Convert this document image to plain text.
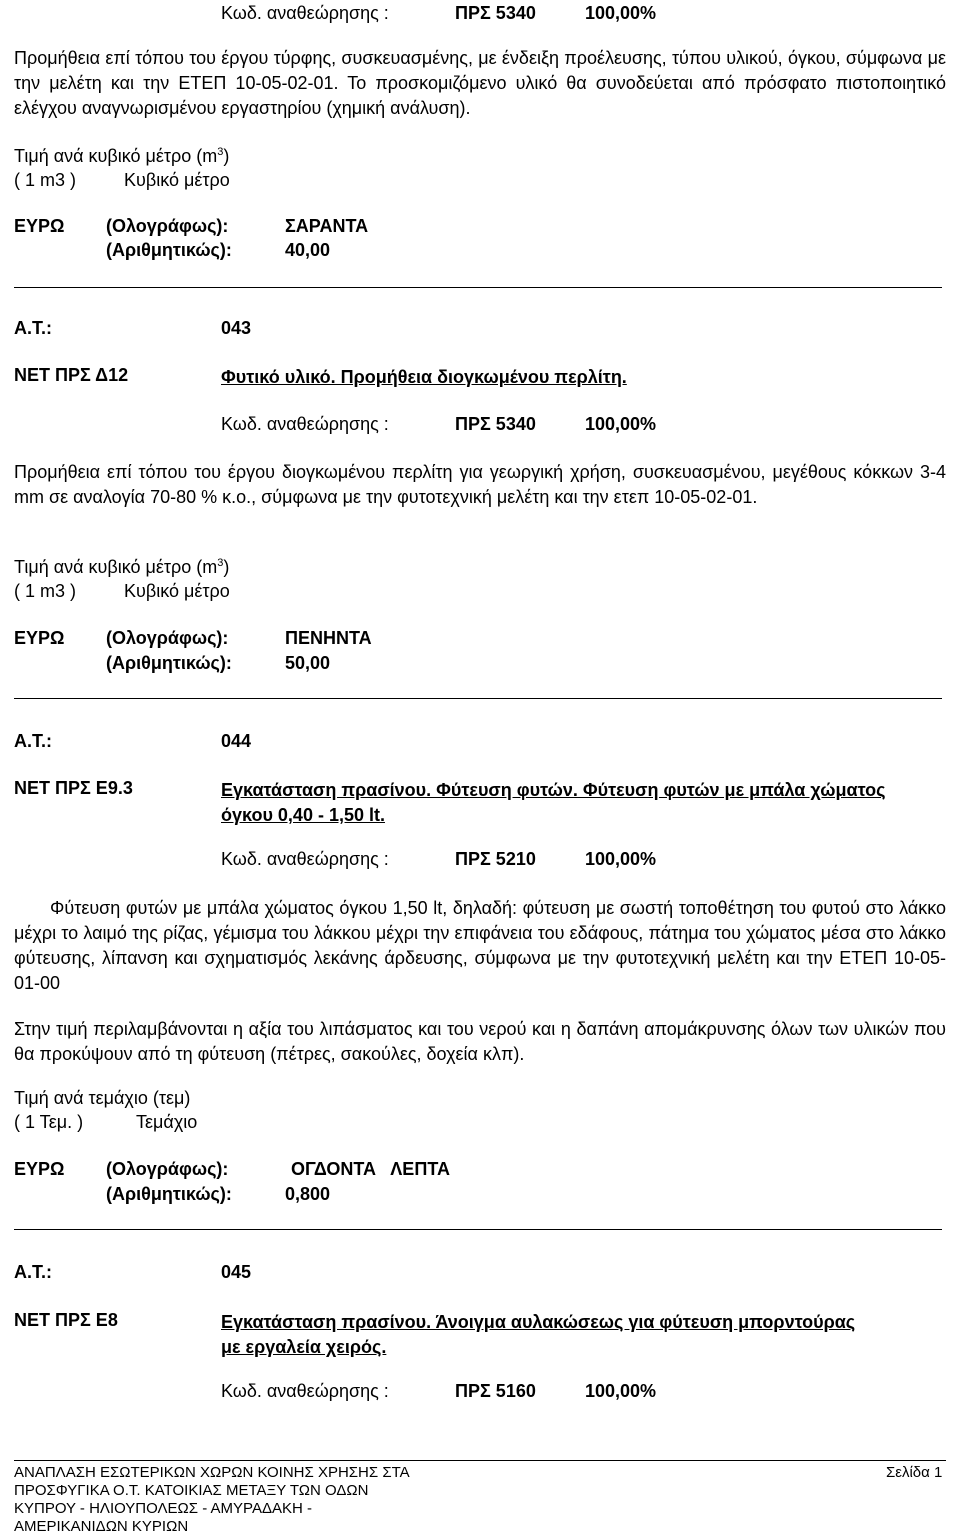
Κωδ. αναθεώρησης :	ΠΡΣ 5340	100,00%
Προμήθεια επί τόπου του έργου τύρφης, συσκευασμένης, με ένδειξη προέλευσης, τύπου υλικού, όγκου, σύμφωνα με την μελέτη και την ΕΤΕΠ 10-05-02-01. Το προσκομιζόμενο υλικό θα συνοδεύεται από πρόσφατο πιστοποιητικό ελέγχου αναγνωρισμένου εργαστηρίου (χημική ανάλυση).
Τιμή ανά κυβικό μέτρο $(m^3)$
( 1 m3 )	Κυβικό μέτρο
ΕΥΡΩ (Ολογράφως):	ΣΑΡΑΝΤΑ
(Αριθμητικώς):	40,00
Α.Τ.:	043
ΝΕΤ ΠΡΣ Δ12	Φυτικό υλικό. Προμήθεια διογκωμένου περλίτη.
Κωδ. αναθεώρησης :	ΠΡΣ 5340	100,00%
Προμήθεια επί τόπου του έργου διογκωμένου περλίτη για γεωργική χρήση, συσκευασμένου, μεγέθους κόκκων 3-4 mm σε αναλογία 70-80 % κ.ο., σύμφωνα με την φυτοτεχνική μελέτη και την ετεπ 10-05-02-01.
Τιμή ανά κυβικό μέτρο $(m^3)$
( 1 m3 )	Κυβικό μέτρο
ΕΥΡΩ (Ολογράφως):	ΠΕΝΗΝΤΑ
(Αριθμητικώς):	50,00
Α.Τ.:	044
ΝΕΤ ΠΡΣ Ε9.3	Εγκατάσταση πρασίνου. Φύτευση φυτών. Φύτευση φυτών με μπάλα χώματος όγκου 0,40 - 1,50 lt.
Κωδ. αναθεώρησης :	ΠΡΣ 5210	100,00%
Φύτευση φυτών με μπάλα χώματος όγκου 1,50 lt, δηλαδή: φύτευση με σωστή τοποθέτηση του φυτού στο λάκκο μέχρι το λαιμό της ρίζας, γέμισμα του λάκκου μέχρι την επιφάνεια του εδάφους, πάτημα του χώματος μέσα στο λάκκο φύτευσης, λίπανση και σχηματισμός λεκάνης άρδευσης, σύμφωνα με την φυτοτεχνική μελέτη και την ΕΤΕΠ 10-05-01-00
Στην τιμή περιλαμβάνονται η αξία του λιπάσματος και του νερού και η δαπάνη απομάκρυνσης όλων των υλικών που θα προκύψουν από τη φύτευση (πέτρες, σακούλες, δοχεία κλπ).
Τιμή ανά τεμάχιο (τεμ)
( 1 Τεμ. )	Τεμάχιο
ΕΥΡΩ (Ολογράφως):	ΟΓΔΟΝΤΑ ΛΕΠΤΑ
(Αριθμητικώς):	0,800
Α.Τ.:	045
ΝΕΤ ΠΡΣ Ε8	Εγκατάσταση πρασίνου. Άνοιγμα αυλακώσεως για φύτευση μπορντούρας με εργαλεία χειρός.
Κωδ. αναθεώρησης :	ΠΡΣ 5160	100,00%
ΑΝΑΠΛΑΣΗ ΕΣΩΤΕΡΙΚΩΝ ΧΩΡΩΝ ΚΟΙΝΗΣ ΧΡΗΣΗΣ ΣΤΑ
ΠΡΟΣΦΥΓΙΚΑ Ο.Τ. ΚΑΤΟΙΚΙΑΣ ΜΕΤΑΞΥ ΤΩΝ ΟΔΩΝ
ΚΥΠΡΟΥ - ΗΛΙΟΥΠΟΛΕΩΣ - ΑΜΥΡΑΔΑΚΗ -
ΑΜΕΡΙΚΑΝΙΔΩΝ ΚΥΡΙΩΝ
Σελίδα 1
